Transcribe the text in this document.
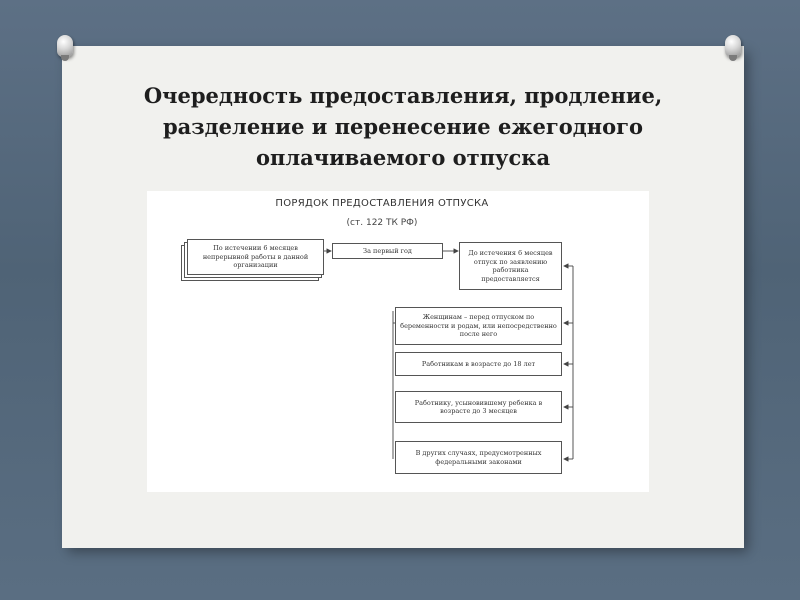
Очередность предоставления, продление,
разделение и перенесение ежегодного
оплачиваемого отпуска
ПОРЯДОК ПРЕДОСТАВЛЕНИЯ ОТПУСКА
(ст. 122 ТК РФ)
По истечении 6 месяцев непрерывной работы в данной организации
За первый год	До истечения 6 месяцев отпуск по заявлению работника предоставляется
Женщинам – перед отпуском по беременности и родам, или непосредственно после него
Работникам в возрасте до 18 лет
Работнику, усыновившему ребенка в возрасте до 3 месяцев
В других случаях, предусмотренных федеральными законами
